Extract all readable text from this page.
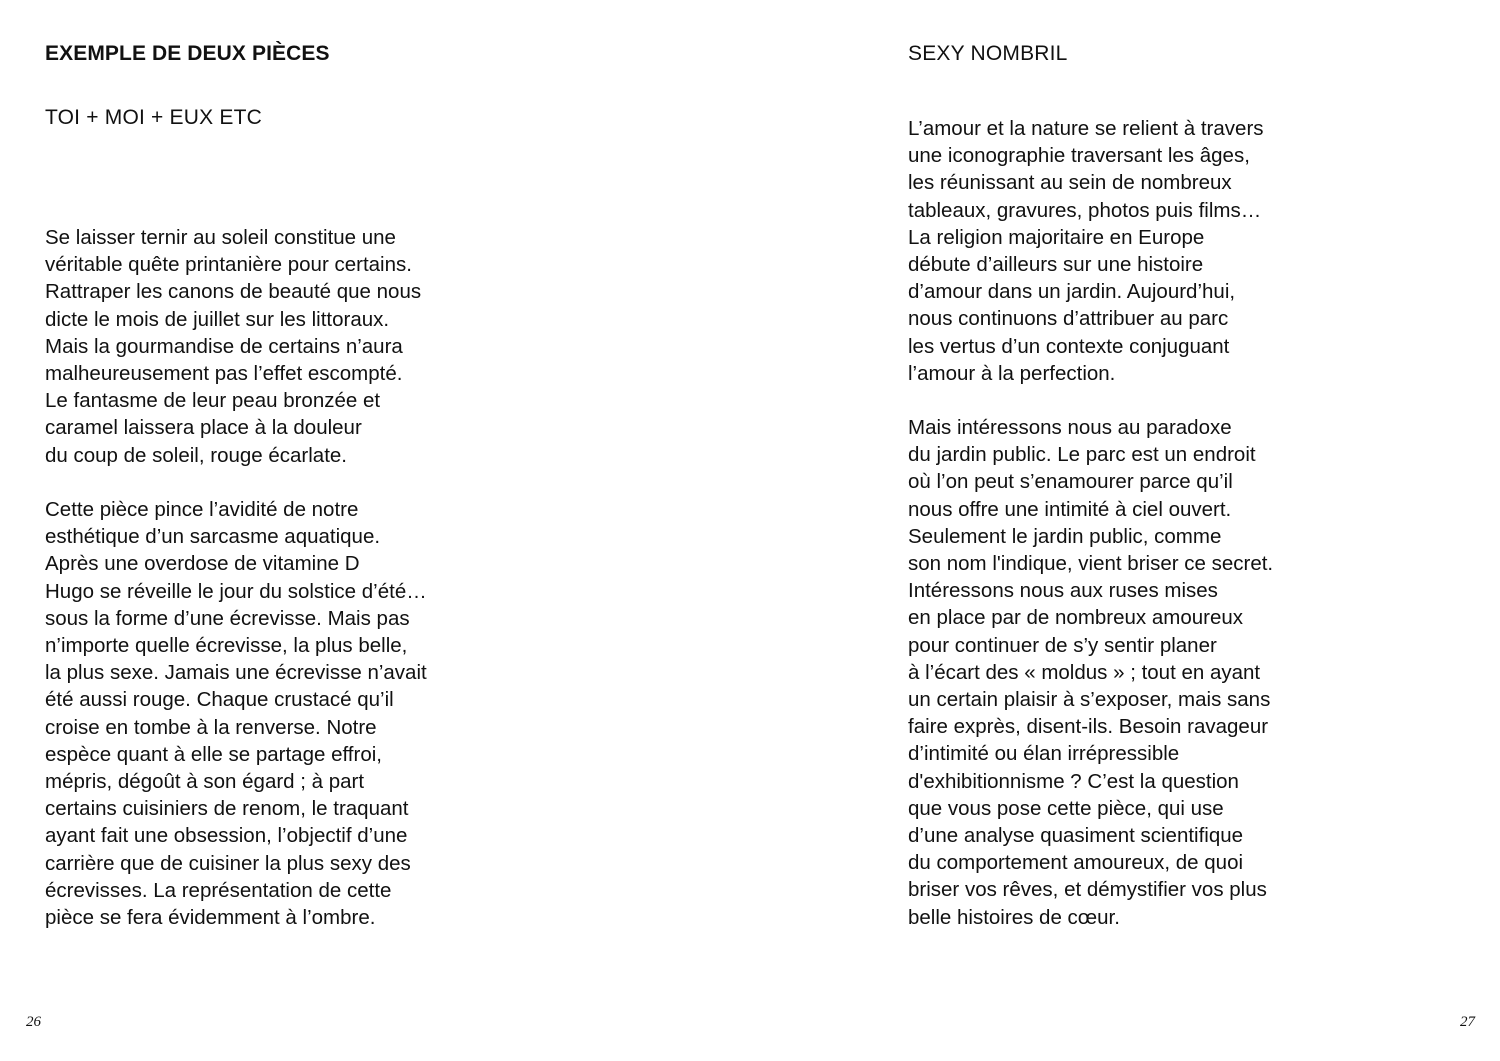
EXEMPLE DE DEUX PIÈCES
TOI + MOI + EUX ETC

Se laisser ternir au soleil constitue une
véritable quête printanière pour certains.
Rattraper les canons de beauté que nous
dicte le mois de juillet sur les littoraux.
Mais la gourmandise de certains n’aura
malheureusement pas l’effet escompté.
Le fantasme de leur peau bronzée et
caramel laissera place à la douleur
du coup de soleil, rouge écarlate.

Cette pièce pince l’avidité de notre
esthétique d’un sarcasme aquatique.
Après une overdose de vitamine D
Hugo se réveille le jour du solstice d’été…
sous la forme d’une écrevisse. Mais pas
n’importe quelle écrevisse, la plus belle,
la plus sexe. Jamais une écrevisse n’avait
été aussi rouge. Chaque crustacé qu’il
croise en tombe à la renverse. Notre
espèce quant à elle se partage effroi,
mépris, dégoût à son égard ; à part
certains cuisiniers de renom, le traquant
ayant fait une obsession, l’objectif d’une
carrière que de cuisiner la plus sexy des
écrevisses. La représentation de cette
pièce se fera évidemment à l’ombre.

26

SEXY NOMBRIL

L’amour et la nature se relient à travers
une iconographie traversant les âges,
les réunissant au sein de nombreux
tableaux, gravures, photos puis films…
La religion majoritaire en Europe
débute d’ailleurs sur une histoire
d’amour dans un jardin. Aujourd’hui,
nous continuons d’attribuer au parc
les vertus d’un contexte conjuguant
l’amour à la perfection.

Mais intéressons nous au paradoxe
du jardin public. Le parc est un endroit
où l’on peut s’enamourer parce qu’il
nous offre une intimité à ciel ouvert.
Seulement le jardin public, comme
son nom l'indique, vient briser ce secret.
Intéressons nous aux ruses mises
en place par de nombreux amoureux
pour continuer de s’y sentir planer
à l’écart des « moldus » ; tout en ayant
un certain plaisir à s’exposer, mais sans
faire exprès, disent-ils. Besoin ravageur
d’intimité ou élan irrépressible
d'exhibitionnisme ? C’est la question
que vous pose cette pièce, qui use
d’une analyse quasiment scientifique
du comportement amoureux, de quoi
briser vos rêves, et démystifier vos plus
belle histoires de cœur.

27
